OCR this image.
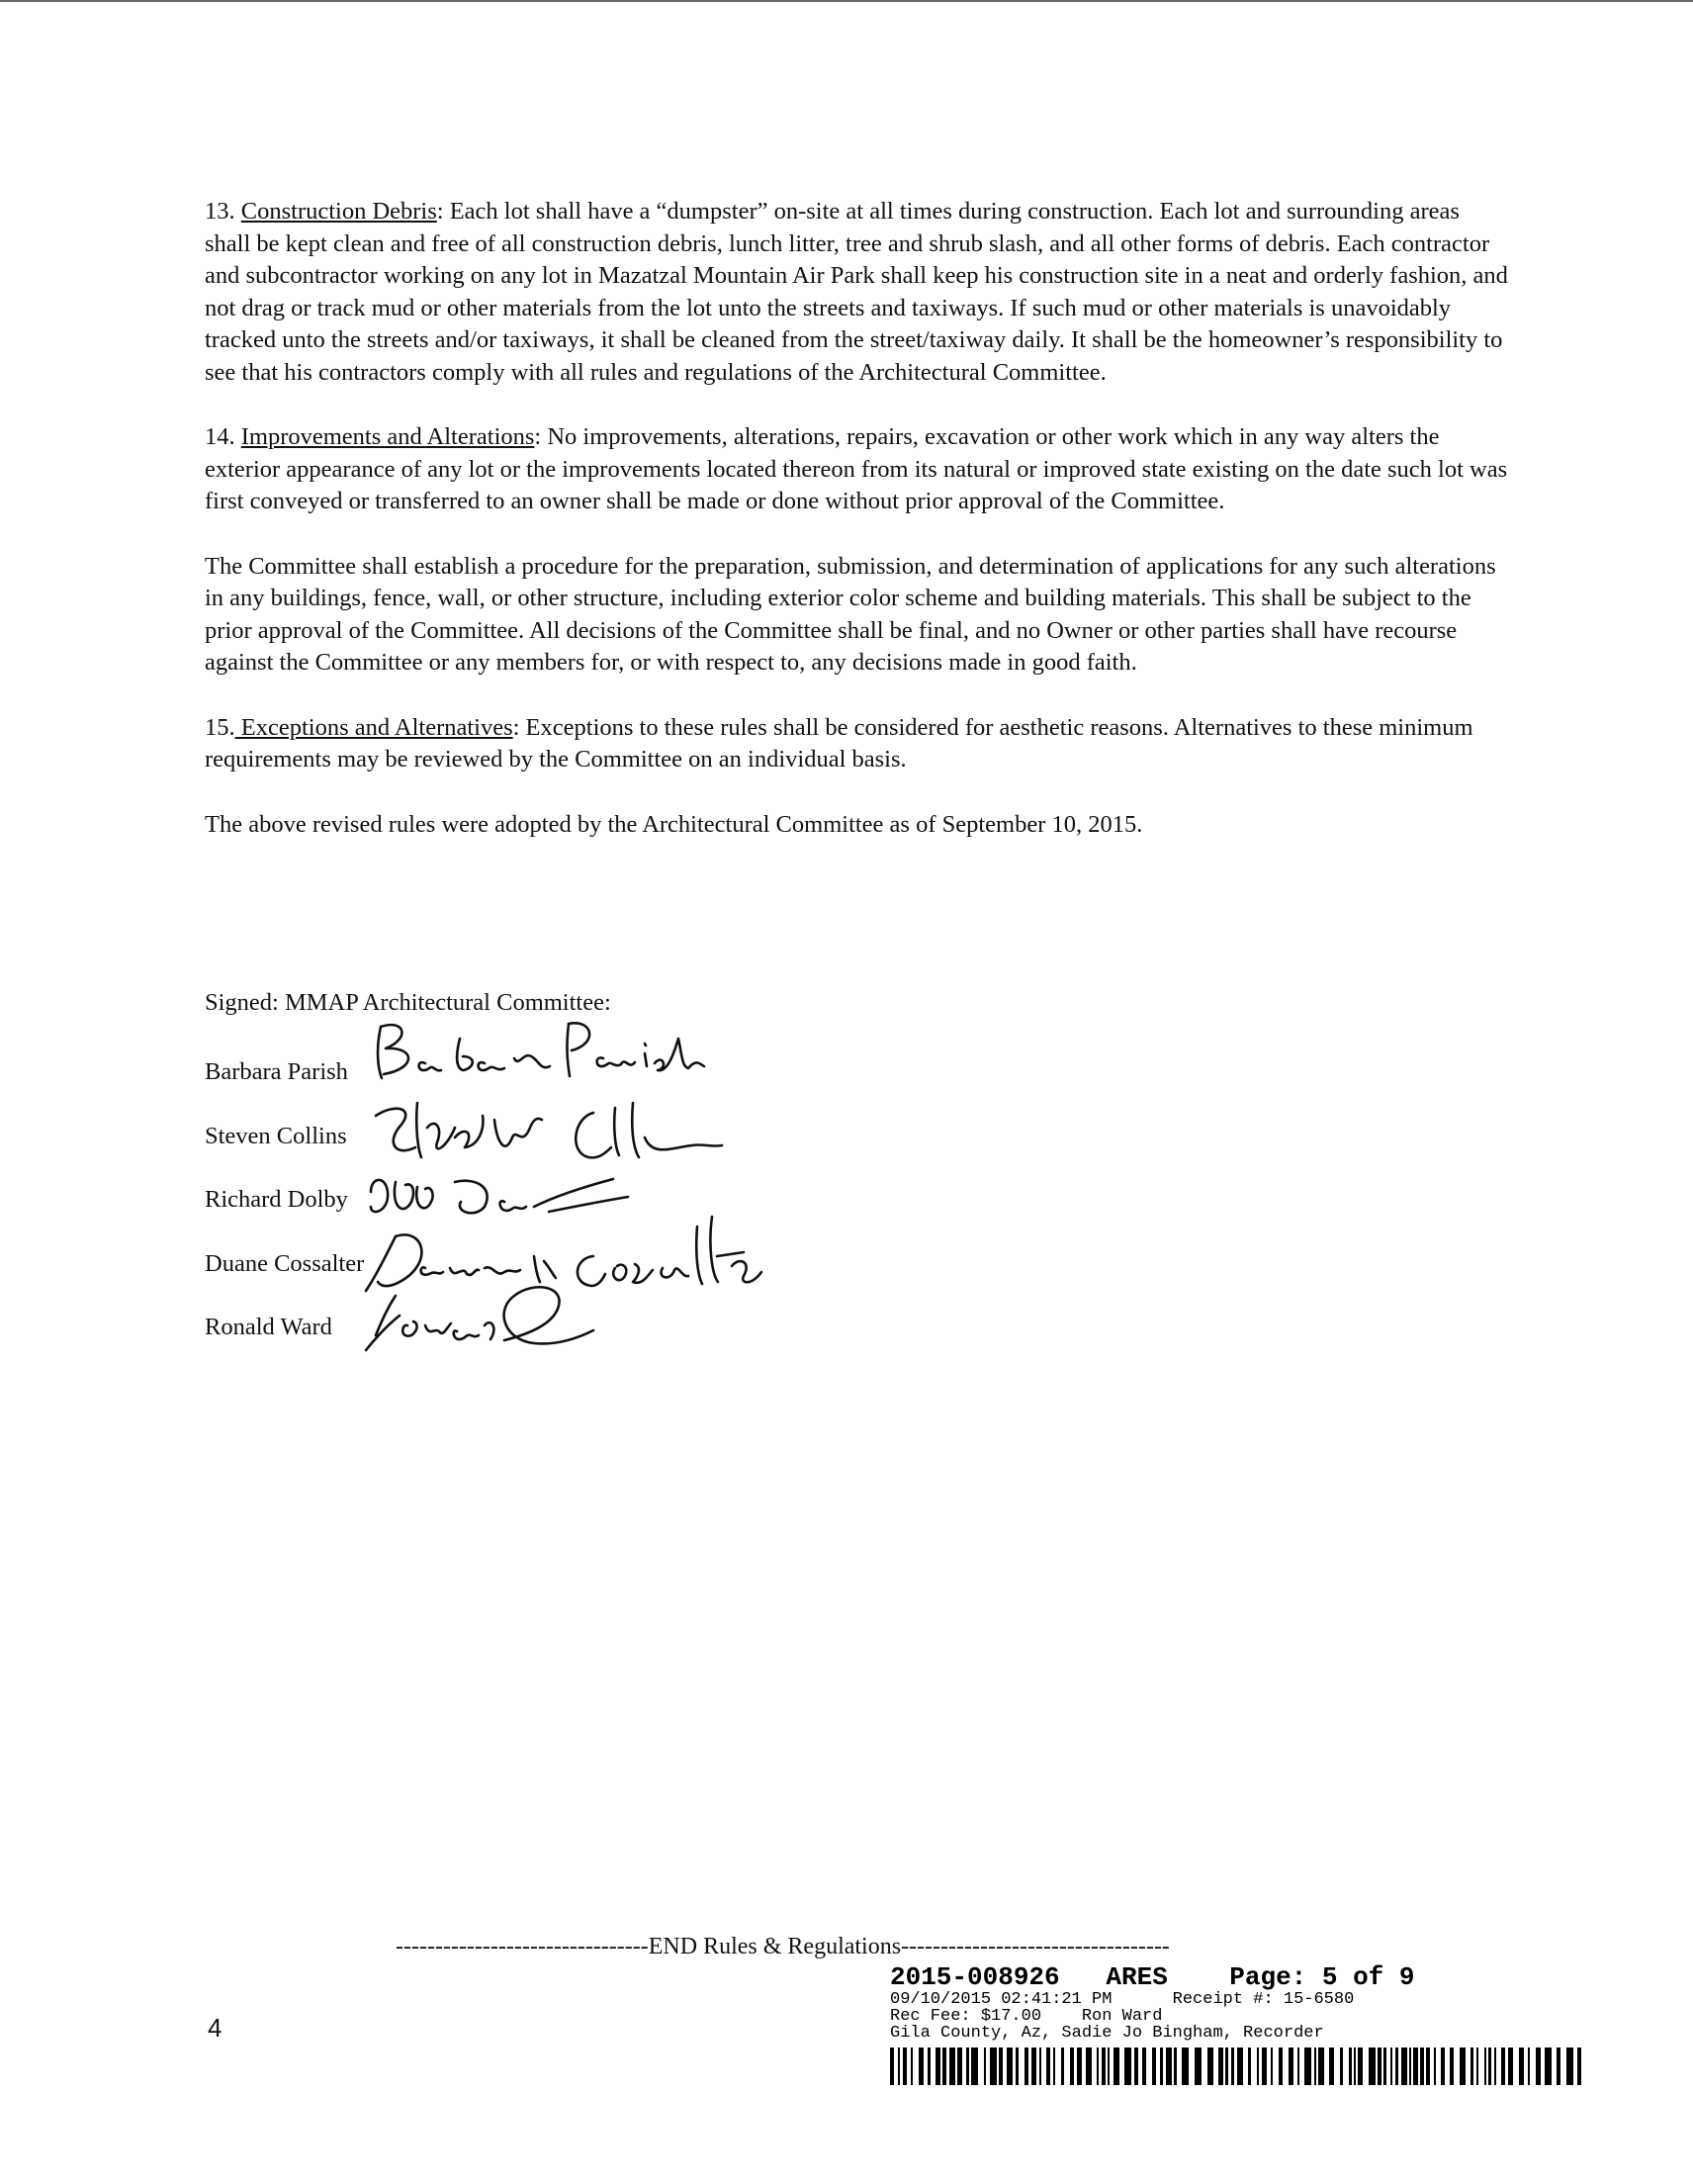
13. Construction Debris: Each lot shall have a “dumpster” on-site at all times during construction. Each lot and surrounding areas shall be kept clean and free of all construction debris, lunch litter, tree and shrub slash, and all other forms of debris. Each contractor and subcontractor working on any lot in Mazatzal Mountain Air Park shall keep his construction site in a neat and orderly fashion, and not drag or track mud or other materials from the lot unto the streets and taxiways. If such mud or other materials is unavoidably tracked unto the streets and/or taxiways, it shall be cleaned from the street/taxiway daily. It shall be the homeowner’s responsibility to see that his contractors comply with all rules and regulations of the Architectural Committee.

14. Improvements and Alterations: No improvements, alterations, repairs, excavation or other work which in any way alters the exterior appearance of any lot or the improvements located thereon from its natural or improved state existing on the date such lot was first conveyed or transferred to an owner shall be made or done without prior approval of the Committee.

The Committee shall establish a procedure for the preparation, submission, and determination of applications for any such alterations in any buildings, fence, wall, or other structure, including exterior color scheme and building materials. This shall be subject to the prior approval of the Committee. All decisions of the Committee shall be final, and no Owner or other parties shall have recourse against the Committee or any members for, or with respect to, any decisions made in good faith.

15. Exceptions and Alternatives: Exceptions to these rules shall be considered for aesthetic reasons. Alternatives to these minimum requirements may be reviewed by the Committee on an individual basis.

The above revised rules were adopted by the Architectural Committee as of September 10, 2015.

Signed: MMAP Architectural Committee:
Barbara Parish
Steven Collins
Richard Dolby
Duane Cossalter
Ronald Ward
--------------------------------END Rules & Regulations----------------------------------
4
2015-008926   ARES    Page: 5 of 9
09/10/2015 02:41:21 PM      Receipt #: 15-6580
Rec Fee: $17.00    Ron Ward
Gila County, Az, Sadie Jo Bingham, Recorder
